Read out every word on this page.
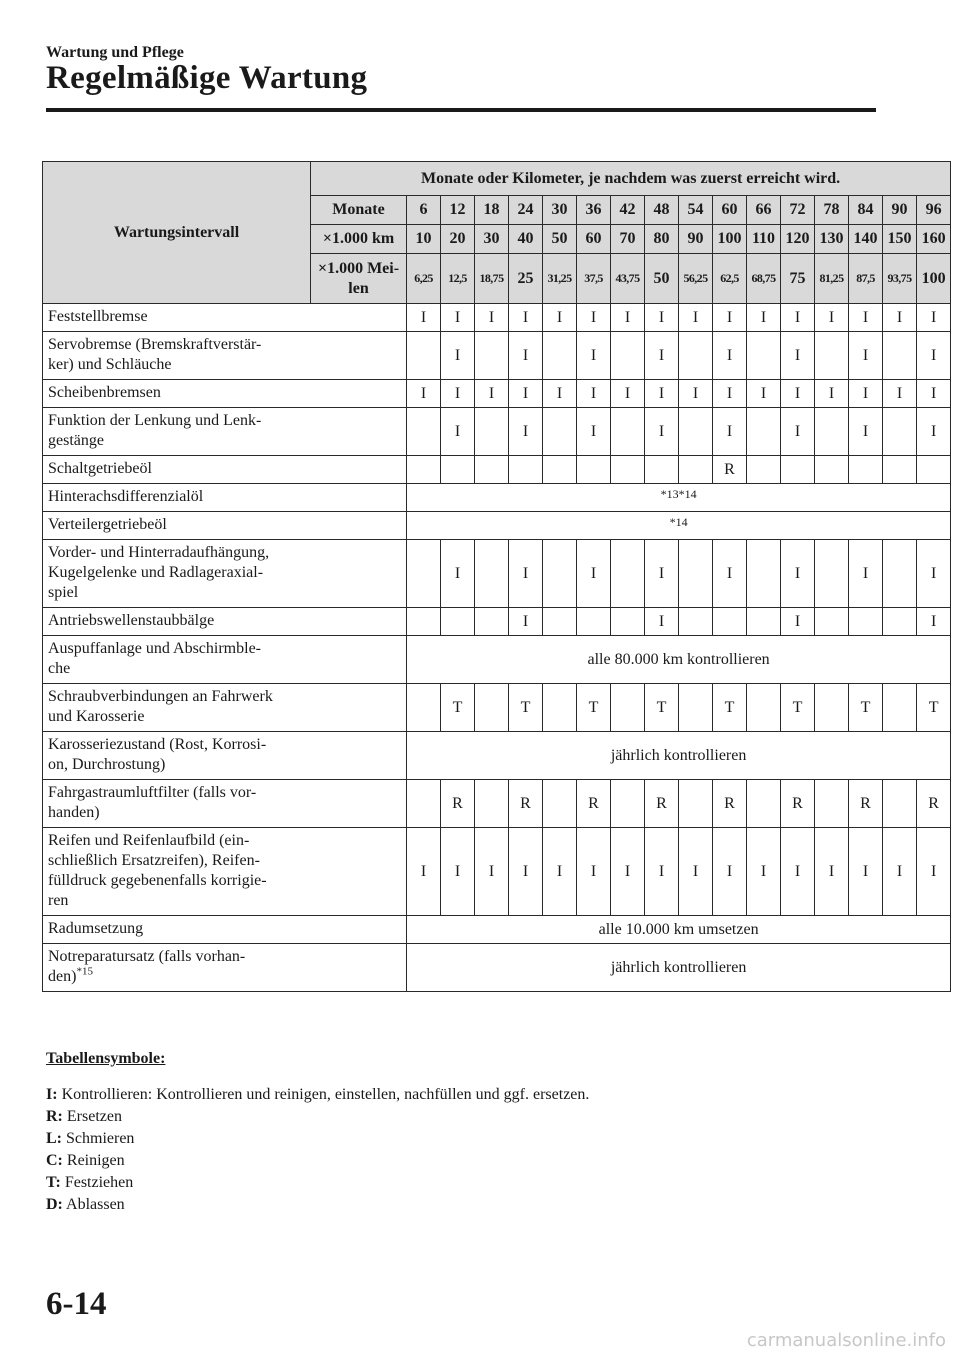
Wartung und Pflege
Regelmäßige Wartung
Wartungsintervall	Monate oder Kilometer, je nachdem was zuerst erreicht wird.																
	Monate	6	12	18	24	30	36	42	48	54	60	66	72	78	84	90	96
	×1.000 km	10	20	30	40	50	60	70	80	90	100	110	120	130	140	150	160
	×1.000 Mei-
len	6,25	12,5	18,75	25	31,25	37,5	43,75	50	56,25	62,5	68,75	75	81,25	87,5	93,75	100
Feststellbremse		I	I	I	I	I	I	I	I	I	I	I	I	I	I	I	I
Servobremse (Bremskraftverstär-
ker) und Schläuche			I		I		I		I		I		I		I		I
Scheibenbremsen		I	I	I	I	I	I	I	I	I	I	I	I	I	I	I	I
Funktion der Lenkung und Lenk-
gestänge			I		I		I		I		I		I		I		I
Schaltgetriebeöl											R						
Hinterachsdifferenzialöl		*13*14															
Verteilergetriebeöl		*14															
Vorder- und Hinterradaufhängung,
Kugelgelenke und Radlageraxial-
spiel			I		I		I		I		I		I		I		I
Antriebswellenstaubbälge					I				I				I				I
Auspuffanlage und Abschirmble-
che		alle 80.000 km kontrollieren															
Schraubverbindungen an Fahrwerk
und Karosserie			T		T		T		T		T		T		T		T
Karosseriezustand (Rost, Korrosi-
on, Durchrostung)		jährlich kontrollieren															
Fahrgastraumluftfilter (falls vor-
handen)			R		R		R		R		R		R		R		R
Reifen und Reifenlaufbild (ein-
schließlich Ersatzreifen), Reifen-
fülldruck gegebenenfalls korrigie-
ren		I	I	I	I	I	I	I	I	I	I	I	I	I	I	I	I
Radumsetzung		alle 10.000 km umsetzen															
Notreparatursatz (falls vorhan-
den)$^{*15}$		jährlich kontrollieren															
Tabellensymbole:
I: Kontrollieren: Kontrollieren und reinigen, einstellen, nachfüllen und ggf. ersetzen.
R: Ersetzen
L: Schmieren
C: Reinigen
T: Festziehen
D: Ablassen
6-14
carmanualsonline.info
